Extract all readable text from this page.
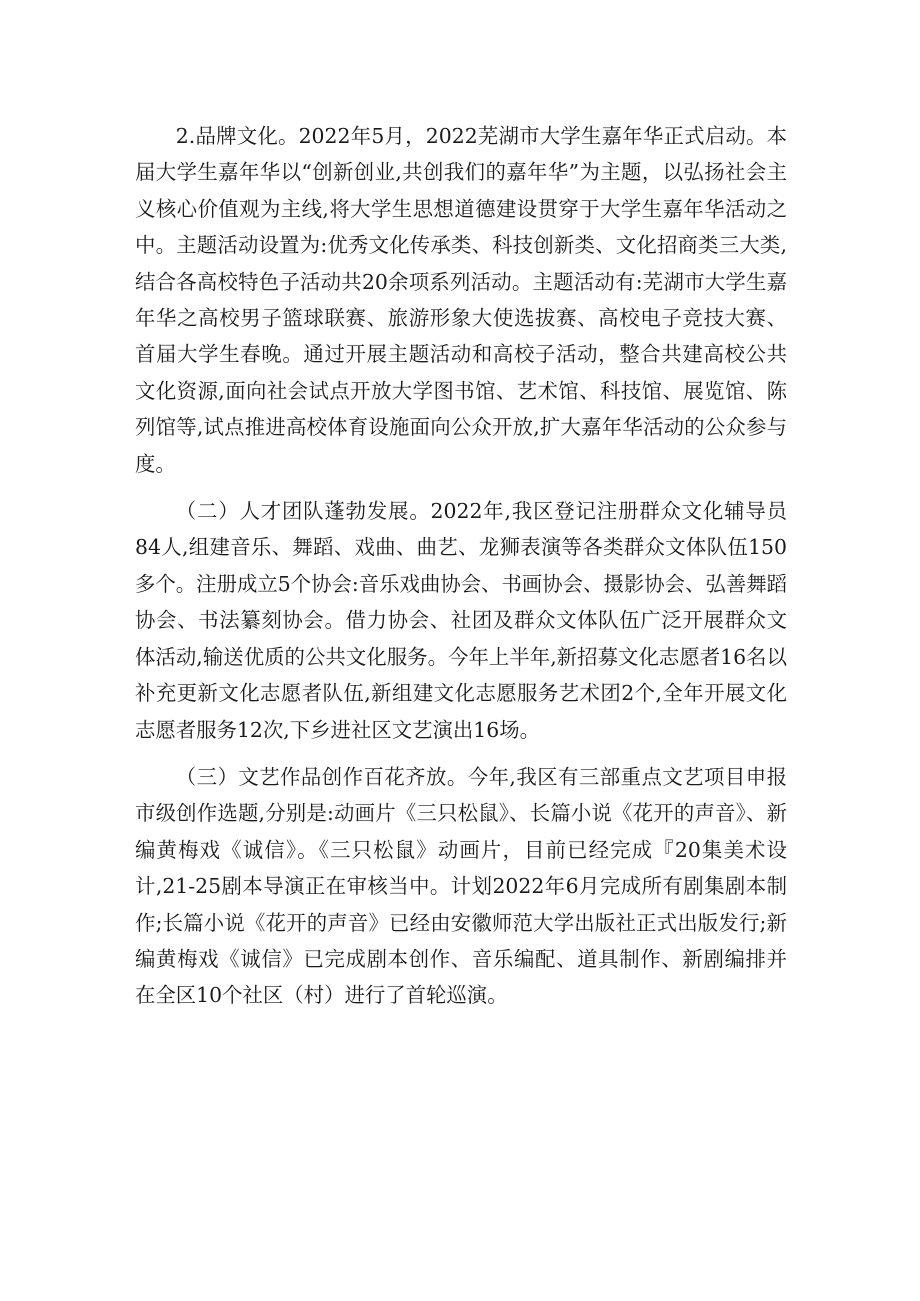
2.品牌文化。2022年5月，2022芜湖市大学生嘉年华正式启动。本届大学生嘉年华以“创新创业,共创我们的嘉年华”为主题，以弘扬社会主义核心价值观为主线,将大学生思想道德建设贯穿于大学生嘉年华活动之中。主题活动设置为:优秀文化传承类、科技创新类、文化招商类三大类,结合各高校特色子活动共20余项系列活动。主题活动有:芜湖市大学生嘉年华之高校男子篮球联赛、旅游形象大使选拔赛、高校电子竞技大赛、首届大学生春晚。通过开展主题活动和高校子活动，整合共建高校公共文化资源,面向社会试点开放大学图书馆、艺术馆、科技馆、展览馆、陈列馆等,试点推进高校体育设施面向公众开放,扩大嘉年华活动的公众参与度。

（二）人才团队蓬勃发展。2022年,我区登记注册群众文化辅导员84人,组建音乐、舞蹈、戏曲、曲艺、龙狮表演等各类群众文体队伍150多个。注册成立5个协会:音乐戏曲协会、书画协会、摄影协会、弘善舞蹈协会、书法纂刻协会。借力协会、社团及群众文体队伍广泛开展群众文体活动,输送优质的公共文化服务。今年上半年,新招募文化志愿者16名以补充更新文化志愿者队伍,新组建文化志愿服务艺术团2个,全年开展文化志愿者服务12次,下乡进社区文艺演出16场。

（三）文艺作品创作百花齐放。今年,我区有三部重点文艺项目申报市级创作选题,分别是:动画片《三只松鼠》、长篇小说《花开的声音》、新编黄梅戏《诚信》。《三只松鼠》动画片，目前已经完成『20集美术设计,21-25剧本导演正在审核当中。计划2022年6月完成所有剧集剧本制作;长篇小说《花开的声音》已经由安徽师范大学出版社正式出版发行;新编黄梅戏《诚信》已完成剧本创作、音乐编配、道具制作、新剧编排并在全区10个社区（村）进行了首轮巡演。
